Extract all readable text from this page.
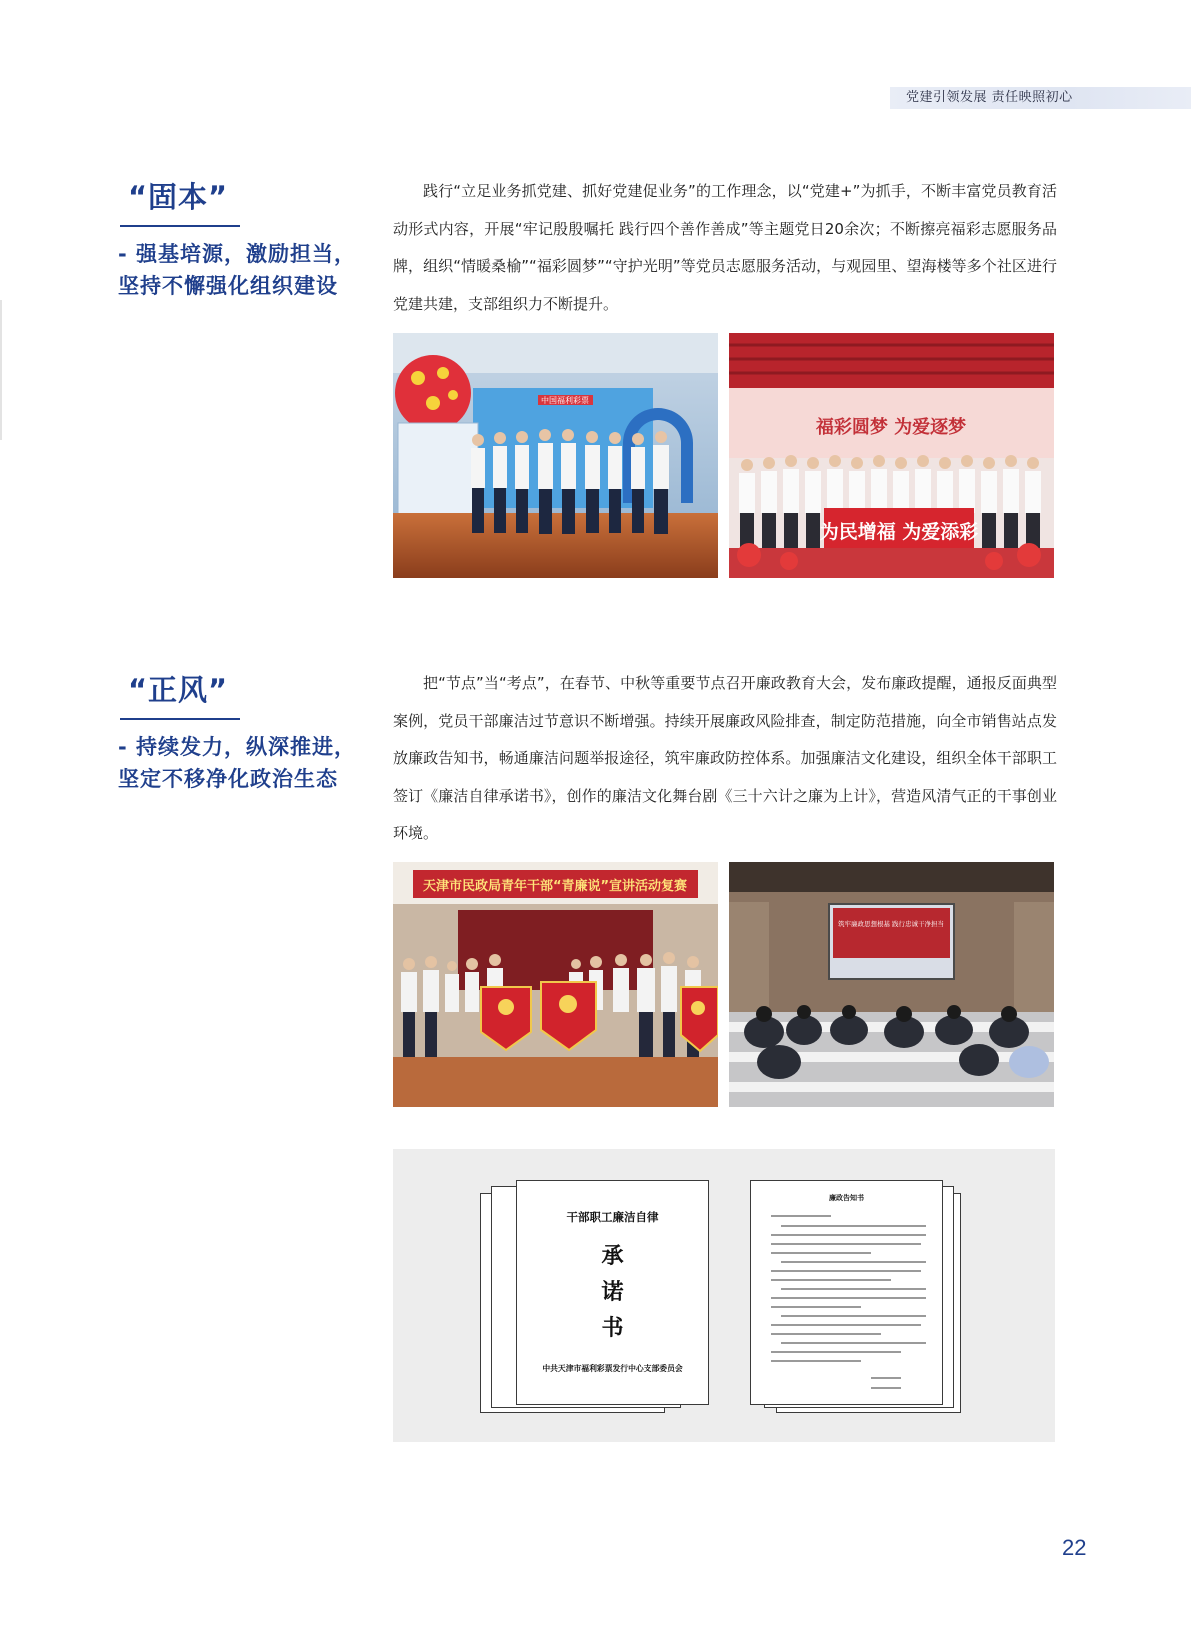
党建引领发展 责任映照初心
“固本”
- 强基培源，激励担当，
坚持不懈强化组织建设

践行“立足业务抓党建、抓好党建促业务”的工作理念，以“党建+”为抓手，不断丰富党员教育活动形式内容，开展“牢记殷殷嘱托 践行四个善作善成”等主题党日20余次；不断擦亮福彩志愿服务品牌，组织“情暖桑榆”“福彩圆梦”“守护光明”等党员志愿服务活动，与观园里、望海楼等多个社区进行党建共建，支部组织力不断提升。

中国福利彩票
福彩圆梦 为爱逐梦
为民增福 为爱添彩
“正风”
- 持续发力，纵深推进，
坚定不移净化政治生态

把“节点”当“考点”，在春节、中秋等重要节点召开廉政教育大会，发布廉政提醒，通报反面典型案例，党员干部廉洁过节意识不断增强。持续开展廉政风险排查，制定防范措施，向全市销售站点发放廉政告知书，畅通廉洁问题举报途径，筑牢廉政防控体系。加强廉洁文化建设，组织全体干部职工签订《廉洁自律承诺书》，创作的廉洁文化舞台剧《三十六计之廉为上计》，营造风清气正的干事创业环境。

天津市民政局青年干部“青廉说”宣讲活动复赛
筑牢廉政思想根基 践行忠诚干净担当
干部职工廉洁自律
承
诺
书
中共天津市福利彩票发行中心支部委员会
廉政告知书
22
